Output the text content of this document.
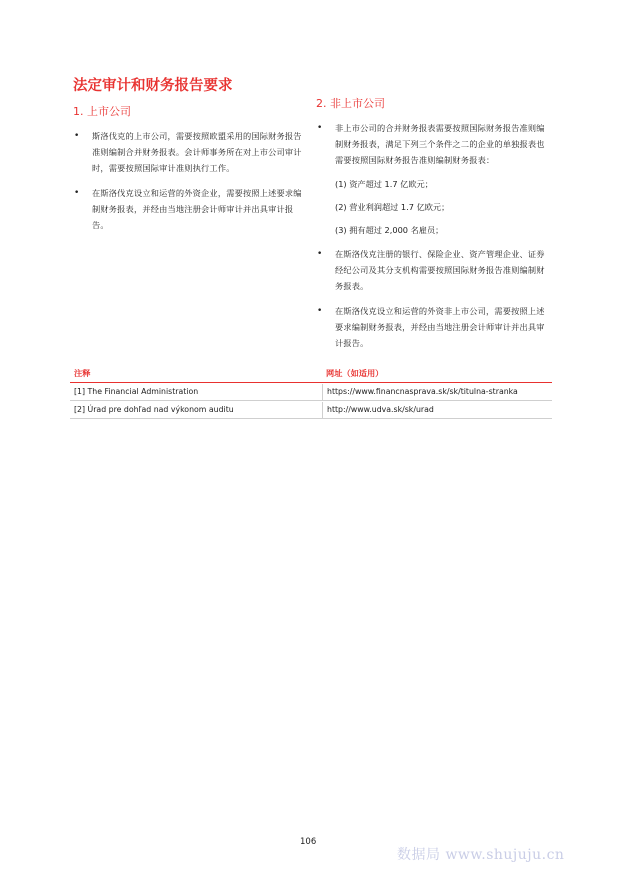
法定审计和财务报告要求
1. 上市公司
• 斯洛伐克的上市公司，需要按照欧盟采用的国际财务报告准则编制合并财务报表。会计师事务所在对上市公司审计时，需要按照国际审计准则执行工作。
• 在斯洛伐克设立和运营的外资企业，需要按照上述要求编制财务报表，并经由当地注册会计师审计并出具审计报告。
2. 非上市公司
• 非上市公司的合并财务报表需要按照国际财务报告准则编制财务报表，满足下列三个条件之二的企业的单独报表也需要按照国际财务报告准则编制财务报表：
(1) 资产超过 1.7 亿欧元；
(2) 营业利润超过 1.7 亿欧元；
(3) 拥有超过 2,000 名雇员；
• 在斯洛伐克注册的银行、保险企业、资产管理企业、证券经纪公司及其分支机构需要按照国际财务报告准则编制财务报表。
• 在斯洛伐克设立和运营的外资非上市公司，需要按照上述要求编制财务报表，并经由当地注册会计师审计并出具审计报告。
注释	网址（如适用）
[1] The Financial Administration	https://www.financnasprava.sk/sk/titulna-stranka
[2] Úrad pre dohľad nad výkonom auditu	http://www.udva.sk/sk/urad
106
数据局 www.shujuju.cn
